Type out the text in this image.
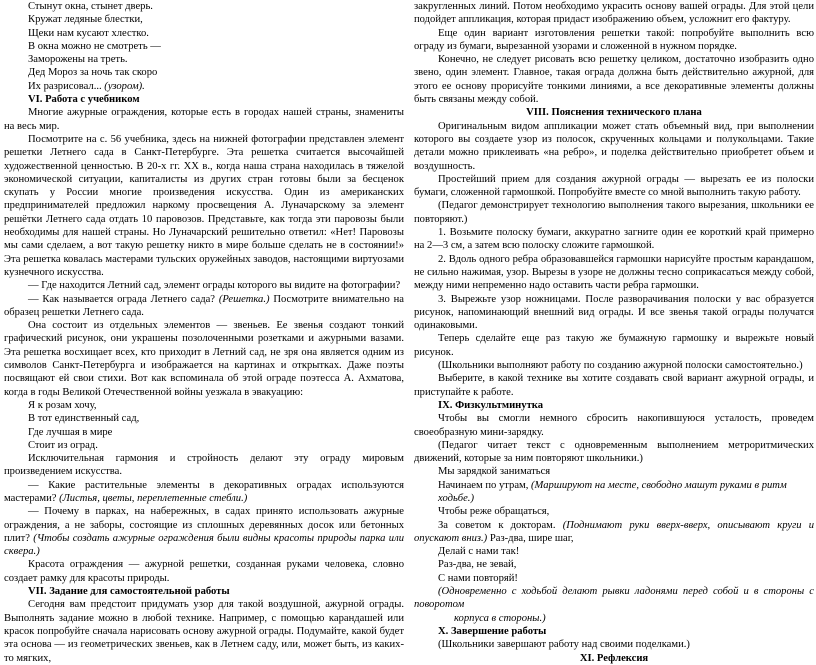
Стынут окна, стынет дверь.

Кружат ледяные блестки,

Щеки нам кусают хлестко.

В окна можно не смотреть —

Заморожены на треть.

Дед Мороз за ночь так скоро

Их разрисовал... (узором).

VI. Работа с учебником

Многие ажурные ограждения, которые есть в городах нашей страны, знамениты на весь мир.

Посмотрите на с. 56 учебника, здесь на нижней фотографии представлен элемент решетки Летнего сада в Санкт-Петербурге. Эта решетка считается высочайшей художественной ценностью. В 20-х гг. XX в., когда наша страна находилась в тяжелой экономической ситуации, капиталисты из других стран готовы были за бесценок скупать у России многие произведения искусства. Один из американских предпринимателей предложил наркому просвещения А. Луначарскому за элемент решётки Летнего сада отдать 10 паровозов. Представьте, как тогда эти паровозы были необходимы для нашей страны. Но Луначарский решительно ответил: «Нет! Паровозы мы сами сделаем, а вот такую решетку никто в мире больше сделать не в состоянии!» Эта решетка ковалась мастерами тульских оружейных заводов, настоящими виртуозами кузнечного искусства.

— Где находится Летний сад, элемент ограды которого вы видите на фотографии?

— Как называется ограда Летнего сада? (Решетка.) Посмотрите внимательно на образец решетки Летнего сада.

Она состоит из отдельных элементов — звеньев. Ее звенья создают тонкий графический рисунок, они украшены позолоченными розетками и ажурными вазами. Эта решетка восхищает всех, кто приходит в Летний сад, не зря она является одним из символов Санкт-Петербурга и изображается на картинах и открытках. Даже поэты посвящают ей свои стихи. Вот как вспоминала об этой ограде поэтесса А. Ахматова, когда в годы Великой Отечественной войны уезжала в эвакуацию:

Я к розам хочу,

В тот единственный сад,

Где лучшая в мире

Стоит из оград.

Исключительная гармония и стройность делают эту ограду мировым произведением искусства.

— Какие растительные элементы в декоративных оградах используются мастерами? (Листья, цветы, переплетенные стебли.)

— Почему в парках, на набережных, в садах принято использовать ажурные ограждения, а не заборы, состоящие из сплошных деревянных досок или бетонных плит? (Чтобы создать ажурные ограждения были видны красоты природы парка или сквера.)

Красота ограждения — ажурной решетки, созданная руками человека, словно создает рамку для красоты природы.

VII. Задание для самостоятельной работы

Сегодня вам предстоит придумать узор для такой воздушной, ажурной ограды. Выполнять задание можно в любой технике. Например, с помощью карандашей или красок попробуйте сначала нарисовать основу ажурной ограды. Подумайте, какой будет эта основа — из геометрических звеньев, как в Летнем саду, или, может быть, из каких-то мягких,

закругленных линий. Потом необходимо украсить основу вашей ограды. Для этой цели подойдет аппликация, которая придаст изображению объем, усложнит его фактуру.

Еще один вариант изготовления решетки такой: попробуйте выполнить всю ограду из бумаги, вырезанной узорами и сложенной в нужном порядке.

Конечно, не следует рисовать всю решетку целиком, достаточно изобразить одно звено, один элемент. Главное, такая ограда должна быть действительно ажурной, для этого ее основу прорисуйте тонкими линиями, а все декоративные элементы должны быть связаны между собой.

VIII. Пояснения технического плана

Оригинальным видом аппликации может стать объемный вид, при выполнении которого вы создаете узор из полосок, скрученных кольцами и полукольцами. Такие детали можно приклеивать «на ребро», и поделка действительно приобретет объем и воздушность.

Простейший прием для создания ажурной ограды — вырезать ее из полоски бумаги, сложенной гармошкой. Попробуйте вместе со мной выполнить такую работу.

(Педагог демонстрирует технологию выполнения такого вырезания, школьники ее повторяют.)

1. Возьмите полоску бумаги, аккуратно загните один ее короткий край примерно на 2—3 см, а затем всю полоску сложите гармошкой.

2. Вдоль одного ребра образовавшейся гармошки нарисуйте простым карандашом, не сильно нажимая, узор. Вырезы в узоре не должны тесно соприкасаться между собой, между ними непременно надо оставить части ребра гармошки.

3. Вырежьте узор ножницами. После разворачивания полоски у вас образуется рисунок, напоминающий внешний вид ограды. И все звенья такой ограды получатся одинаковыми.

Теперь сделайте еще раз такую же бумажную гармошку и вырежьте новый рисунок.

(Школьники выполняют работу по созданию ажурной полоски самостоятельно.)

Выберите, в какой технике вы хотите создавать свой вариант ажурной ограды, и приступайте к работе.

IX. Физкультминутка

Чтобы вы смогли немного сбросить накопившуюся усталость, проведем своеобразную мини-зарядку.

(Педагог читает текст с одновременным выполнением метроритмических движений, которые за ним повторяют школьники.)

Мы зарядкой заниматься

Начинаем по утрам, (Маршируют на месте, свободно машут руками в ритм ходьбе.)

Чтобы реже обращаться,

За советом к докторам. (Поднимают руки вверх-вверх, описывают круги и опускают вниз.) Раз-два, шире шаг,

Делай с нами так!

Раз-два, не зевай,

С нами повторяй!

(Одновременно с ходьбой делают рывки ладонями перед собой и в стороны с поворотом

корпуса в стороны.)

X. Завершение работы

(Школьники завершают работу над своими поделками.)

XI. Рефлексия
